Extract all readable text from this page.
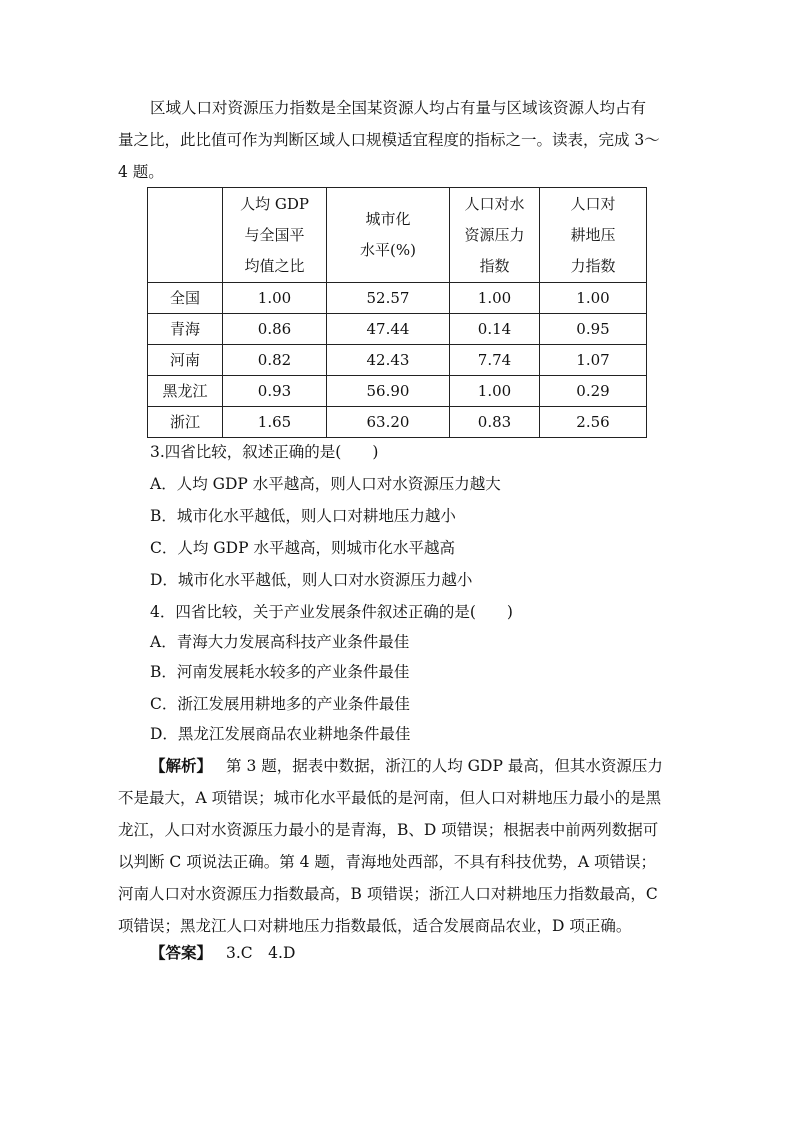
区域人口对资源压力指数是全国某资源人均占有量与区域该资源人均占有
量之比，此比值可作为判断区域人口规模适宜程度的指标之一。读表，完成 3～
4 题。
	人均 GDP
与全国平
均值之比	城市化
水平(%)	人口对水
资源压力
指数	人口对
耕地压
力指数
全国	1.00	52.57	1.00	1.00
青海	0.86	47.44	0.14	0.95
河南	0.82	42.43	7.74	1.07
黑龙江	0.93	56.90	1.00	0.29
浙江	1.65	63.20	0.83	2.56
3.四省比较，叙述正确的是(　　)
A．人均 GDP 水平越高，则人口对水资源压力越大
B．城市化水平越低，则人口对耕地压力越小
C．人均 GDP 水平越高，则城市化水平越高
D．城市化水平越低，则人口对水资源压力越小
4．四省比较，关于产业发展条件叙述正确的是(　　)
A．青海大力发展高科技产业条件最佳
B．河南发展耗水较多的产业条件最佳
C．浙江发展用耕地多的产业条件最佳
D．黑龙江发展商品农业耕地条件最佳
【解析】 第 3 题，据表中数据，浙江的人均 GDP 最高，但其水资源压力
不是最大，A 项错误；城市化水平最低的是河南，但人口对耕地压力最小的是黑
龙江，人口对水资源压力最小的是青海，B、D 项错误；根据表中前两列数据可
以判断 C 项说法正确。第 4 题，青海地处西部，不具有科技优势，A 项错误；
河南人口对水资源压力指数最高，B 项错误；浙江人口对耕地压力指数最高，C
项错误；黑龙江人口对耕地压力指数最低，适合发展商品农业，D 项正确。
【答案】 3.C　4.D
